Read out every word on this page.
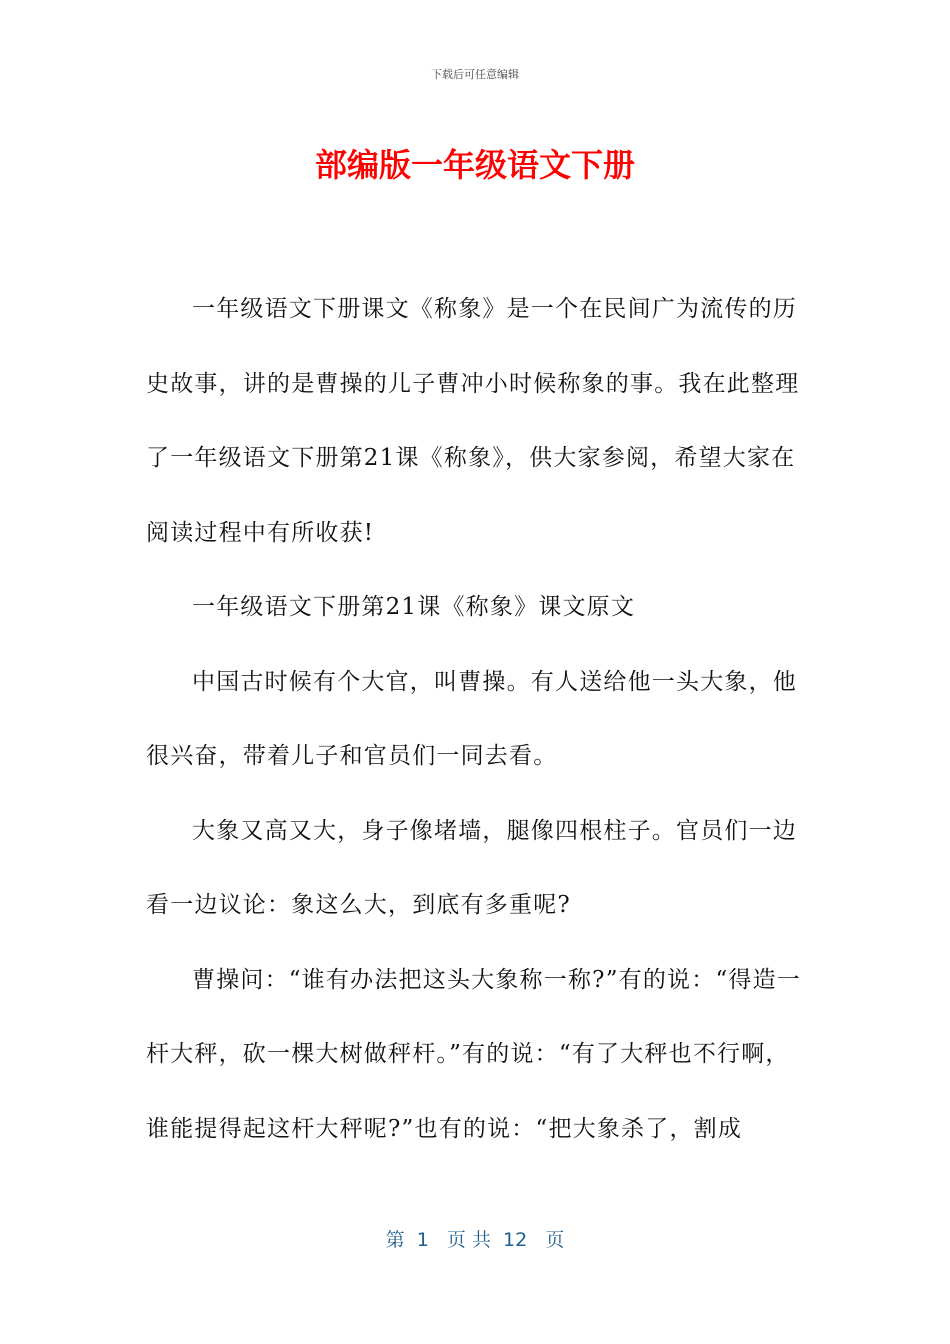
下载后可任意编辑
部编版一年级语文下册

一年级语文下册课文《称象》是一个在民间广为流传的历史故事，讲的是曹操的儿子曹冲小时候称象的事。我在此整理了一年级语文下册第21课《称象》，供大家参阅，希望大家在阅读过程中有所收获!

一年级语文下册第21课《称象》课文原文

中国古时候有个大官，叫曹操。有人送给他一头大象，他很兴奋，带着儿子和官员们一同去看。

大象又高又大，身子像堵墙，腿像四根柱子。官员们一边看一边议论：象这么大，到底有多重呢?

曹操问：“谁有办法把这头大象称一称?”有的说：“得造一杆大秤，砍一棵大树做秤杆。”有的说：“有了大秤也不行啊，谁能提得起这杆大秤呢?”也有的说：“把大象杀了，割成

第  1   页 共  12   页
